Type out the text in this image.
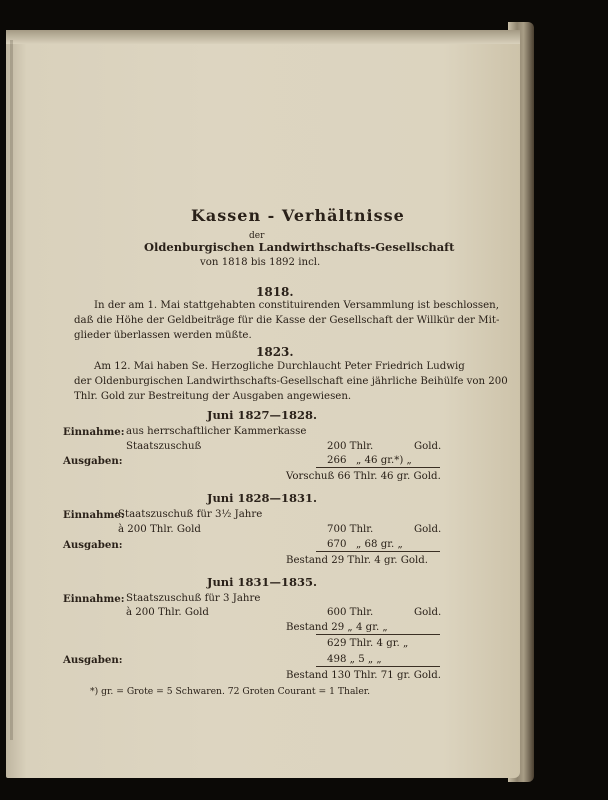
Kassen - Verhältnisse
der
Oldenburgischen Landwirthschafts-Gesellschaft
von 1818 bis 1892 incl.
1818.
In der am 1. Mai stattgehabten constituirenden Versammlung ist beschlossen,
daß die Höhe der Geldbeiträge für die Kasse der Gesellschaft der Willkür der Mit-
glieder überlassen werden müßte.
1823.
Am 12. Mai haben Se. Herzogliche Durchlaucht Peter Friedrich Ludwig
der Oldenburgischen Landwirthschafts-Gesellschaft eine jährliche Beihülfe von 200
Thlr. Gold zur Bestreitung der Ausgaben angewiesen.
Juni 1827—1828.
Einnahme: aus herrschaftlicher Kammerkasse
Staatszuschuß	200 Thlr.	Gold.
Ausgaben:	266 „ 46 gr.*) „
Vorschuß 66 Thlr. 46 gr. Gold.
Juni 1828—1831.
Einnahme:
Staatszuschuß für 3½ Jahre
à 200 Thlr. Gold	700 Thlr.	Gold.
Ausgaben:	670 „ 68 gr. „
Bestand 29 Thlr. 4 gr. Gold.
Juni 1831—1835.
Einnahme: Staatszuschuß für 3 Jahre
à 200 Thlr. Gold	600 Thlr.	Gold.
Bestand 29 „ 4 gr. „
629 Thlr. 4 gr. „
Ausgaben:	498 „ 5 „ „
Bestand 130 Thlr. 71 gr. Gold.
*) gr. = Grote = 5 Schwaren. 72 Groten Courant = 1 Thaler.
